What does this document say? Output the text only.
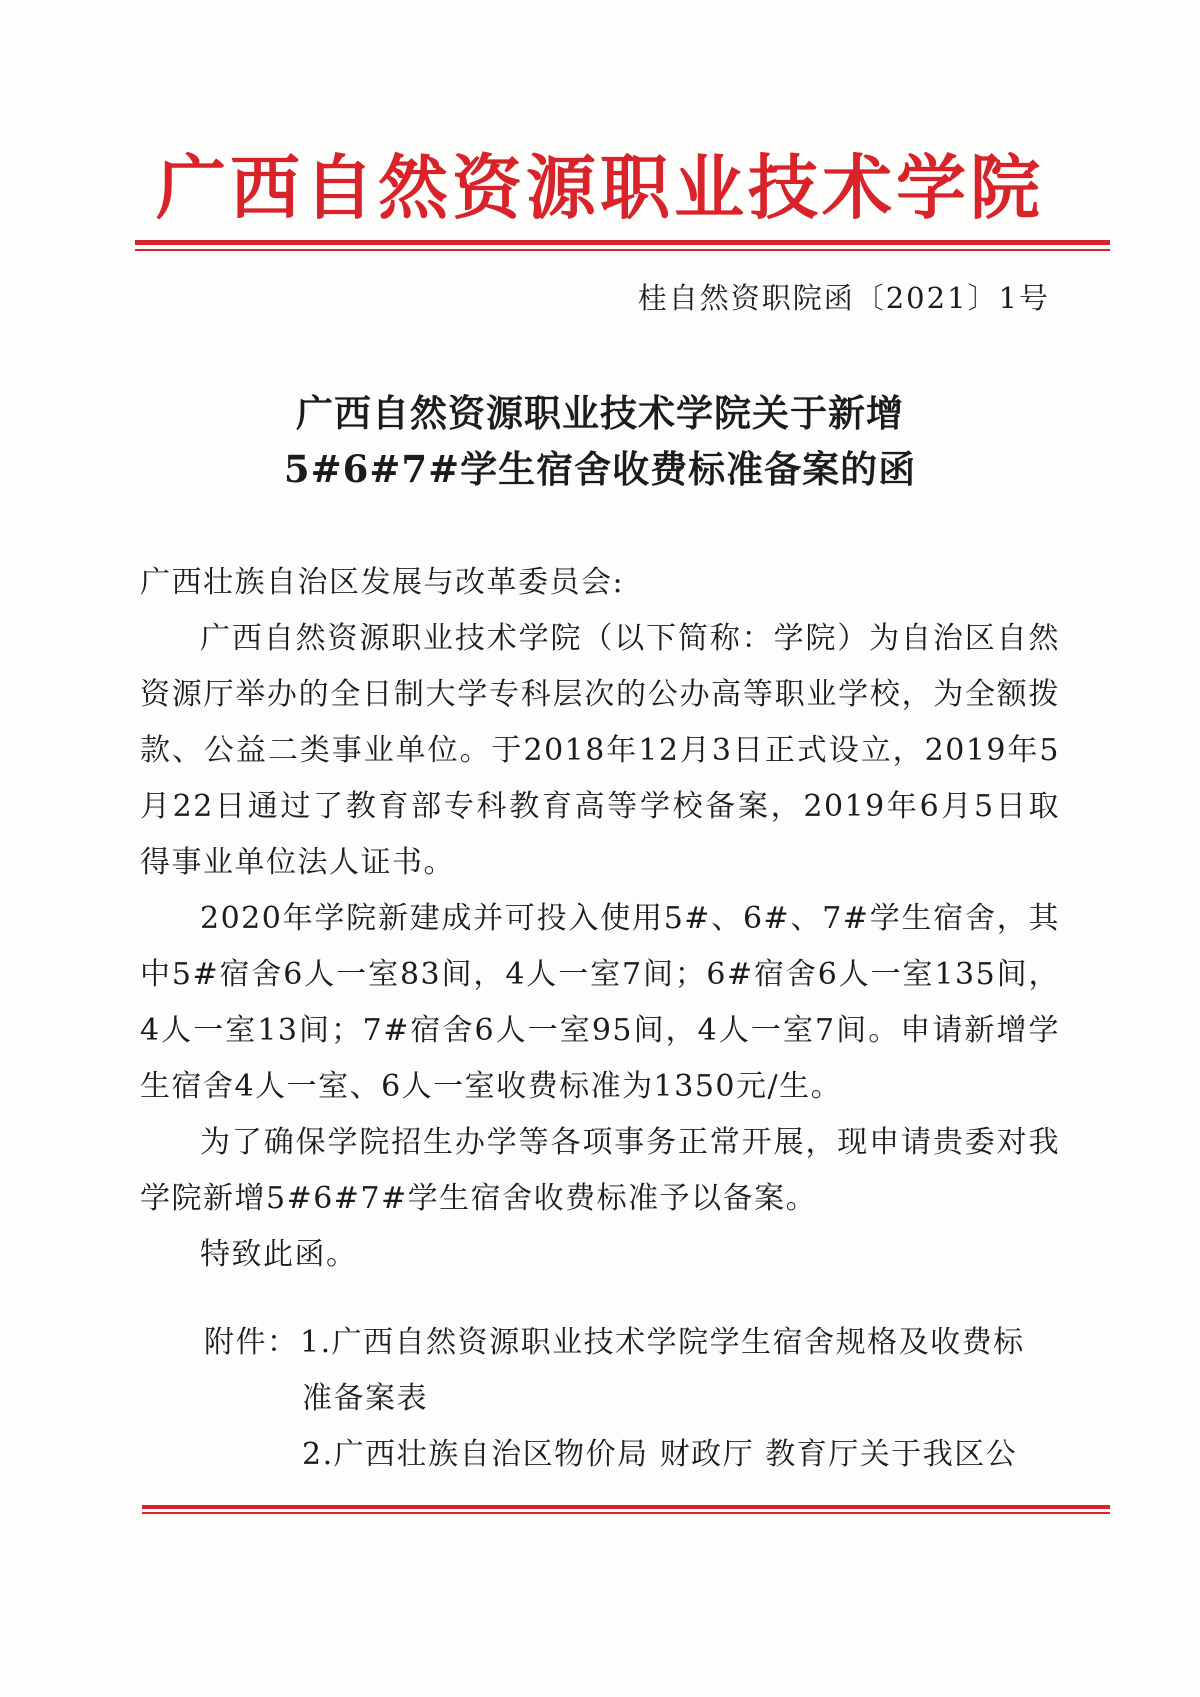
广西自然资源职业技术学院
桂自然资职院函〔2021〕1号
广西自然资源职业技术学院关于新增
5#6#7#学生宿舍收费标准备案的函

广西壮族自治区发展与改革委员会:

广西自然资源职业技术学院（以下简称：学院）为自治区自然资源厅举办的全日制大学专科层次的公办高等职业学校，为全额拨款、公益二类事业单位。于2018年12月3日正式设立，2019年5月22日通过了教育部专科教育高等学校备案，2019年6月5日取得事业单位法人证书。

2020年学院新建成并可投入使用5#、6#、7#学生宿舍，其中5#宿舍6人一室83间，4人一室7间；6#宿舍6人一室135间，4人一室13间；7#宿舍6人一室95间，4人一室7间。申请新增学生宿舍4人一室、6人一室收费标准为1350元/生。

为了确保学院招生办学等各项事务正常开展，现申请贵委对我学院新增5#6#7#学生宿舍收费标准予以备案。

特致此函。

附件： 1.广西自然资源职业技术学院学生宿舍规格及收费标
准备案表
2.广西壮族自治区物价局 财政厅 教育厅关于我区公
